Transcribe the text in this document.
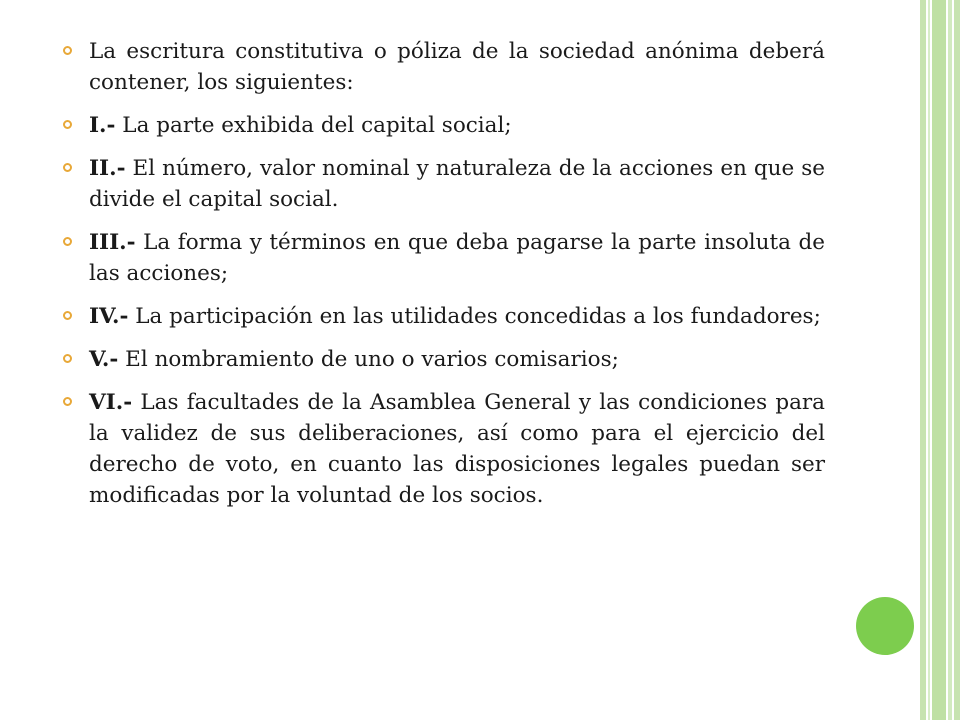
La escritura constitutiva o póliza de la sociedad anónima deberá contener, los siguientes:
I.- La parte exhibida del capital social;
II.- El número, valor nominal y naturaleza de la acciones en que se divide el capital social.
III.- La forma y términos en que deba pagarse la parte insoluta de las acciones;
IV.- La participación en las utilidades concedidas a los fundadores;
V.- El nombramiento de uno o varios comisarios;
VI.- Las facultades de la Asamblea General y las condiciones para la validez de sus deliberaciones, así como para el ejercicio del derecho de voto, en cuanto las disposiciones legales puedan ser modificadas por la voluntad de los socios.
